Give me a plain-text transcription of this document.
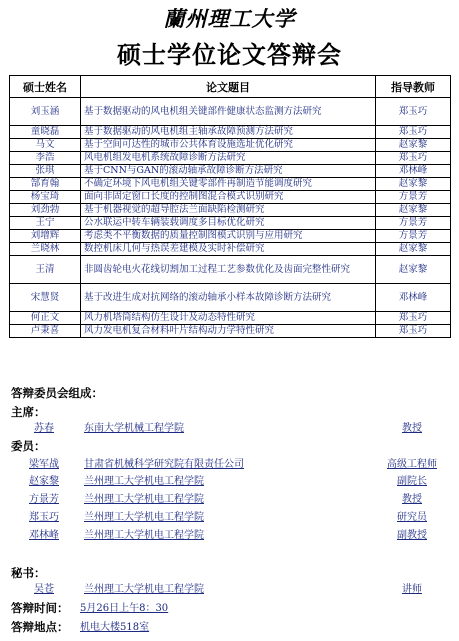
蘭州理工大学
硕士学位论文答辩会
硕士姓名	论文题目	指导教师
刘玉涵	基于数据驱动的风电机组关键部件健康状态监测方法研究	郑玉巧
童晓磊	基于数据驱动的风电机组主轴承故障预测方法研究	郑玉巧
马文	基于空间可达性的城市公共体育设施选址优化研究	赵家黎
李浩	风电机组发电机系统故障诊断方法研究	郑玉巧
张琪	基于CNN与GAN的滚动轴承故障诊断方法研究	邓林峰
郜育翰	不确定环境下风电机组关键零部件再制造节能调度研究	赵家黎
杨宝琦	面向非固定窗口长度的控制图混合模式识别研究	方景芳
刘劲勃	基于机器视觉的超导腔法兰面缺陷检测研究	赵家黎
王宁	公水联运中转车辆装载调度多目标优化研究	方景芳
刘增辉	考虑类不平衡数据的质量控制图模式识别与应用研究	方景芳
兰晓林	数控机床几何与热误差建模及实时补偿研究	赵家黎
王清	非圆齿轮电火花线切割加工过程工艺参数优化及齿面完整性研究	赵家黎
宋慧贤	基于改进生成对抗网络的滚动轴承小样本故障诊断方法研究	邓林峰
何正文	风力机塔筒结构仿生设计及动态特性研究	郑玉巧
卢秉喜	风力发电机复合材料叶片结构动力学特性研究	郑玉巧
答辩委员会组成：
主席：
苏春	东南大学机械工程学院	教授
委员：
梁军战	甘肃省机械科学研究院有限责任公司	高级工程师
赵家黎	兰州理工大学机电工程学院	副院长
方景芳	兰州理工大学机电工程学院	教授
郑玉巧	兰州理工大学机电工程学院	研究员
邓林峰	兰州理工大学机电工程学院	副教授
秘书：
吴苍	兰州理工大学机电工程学院	讲师
答辩时间： 5月26日上午8：30
答辩地点： 机电大楼518室
